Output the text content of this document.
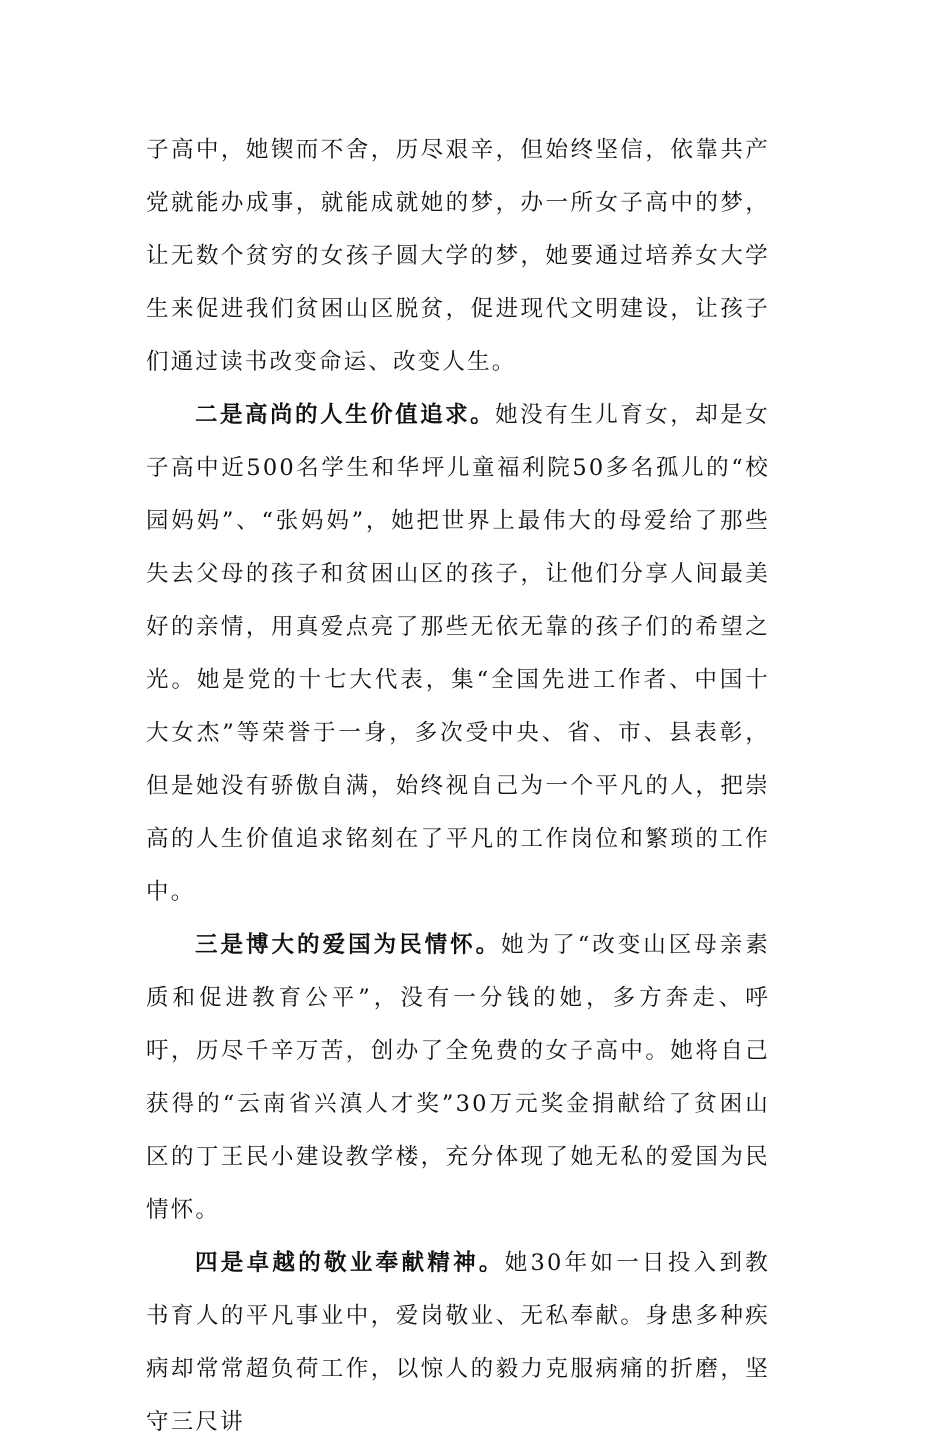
子高中，她锲而不舍，历尽艰辛，但始终坚信，依靠共产党就能办成事，就能成就她的梦，办一所女子高中的梦，让无数个贫穷的女孩子圆大学的梦，她要通过培养女大学生来促进我们贫困山区脱贫，促进现代文明建设，让孩子们通过读书改变命运、改变人生。

二是高尚的人生价值追求。她没有生儿育女，却是女子高中近500名学生和华坪儿童福利院50多名孤儿的“校园妈妈”、“张妈妈”，她把世界上最伟大的母爱给了那些失去父母的孩子和贫困山区的孩子，让他们分享人间最美好的亲情，用真爱点亮了那些无依无靠的孩子们的希望之光。她是党的十七大代表，集“全国先进工作者、中国十大女杰”等荣誉于一身，多次受中央、省、市、县表彰，但是她没有骄傲自满，始终视自己为一个平凡的人，把崇高的人生价值追求铭刻在了平凡的工作岗位和繁琐的工作中。

三是博大的爱国为民情怀。她为了“改变山区母亲素质和促进教育公平”，没有一分钱的她，多方奔走、呼吁，历尽千辛万苦，创办了全免费的女子高中。她将自己获得的“云南省兴滇人才奖”30万元奖金捐献给了贫困山区的丁王民小建设教学楼，充分体现了她无私的爱国为民情怀。

四是卓越的敬业奉献精神。她30年如一日投入到教书育人的平凡事业中，爱岗敬业、无私奉献。身患多种疾病却常常超负荷工作，以惊人的毅力克服病痛的折磨，坚守三尺讲
